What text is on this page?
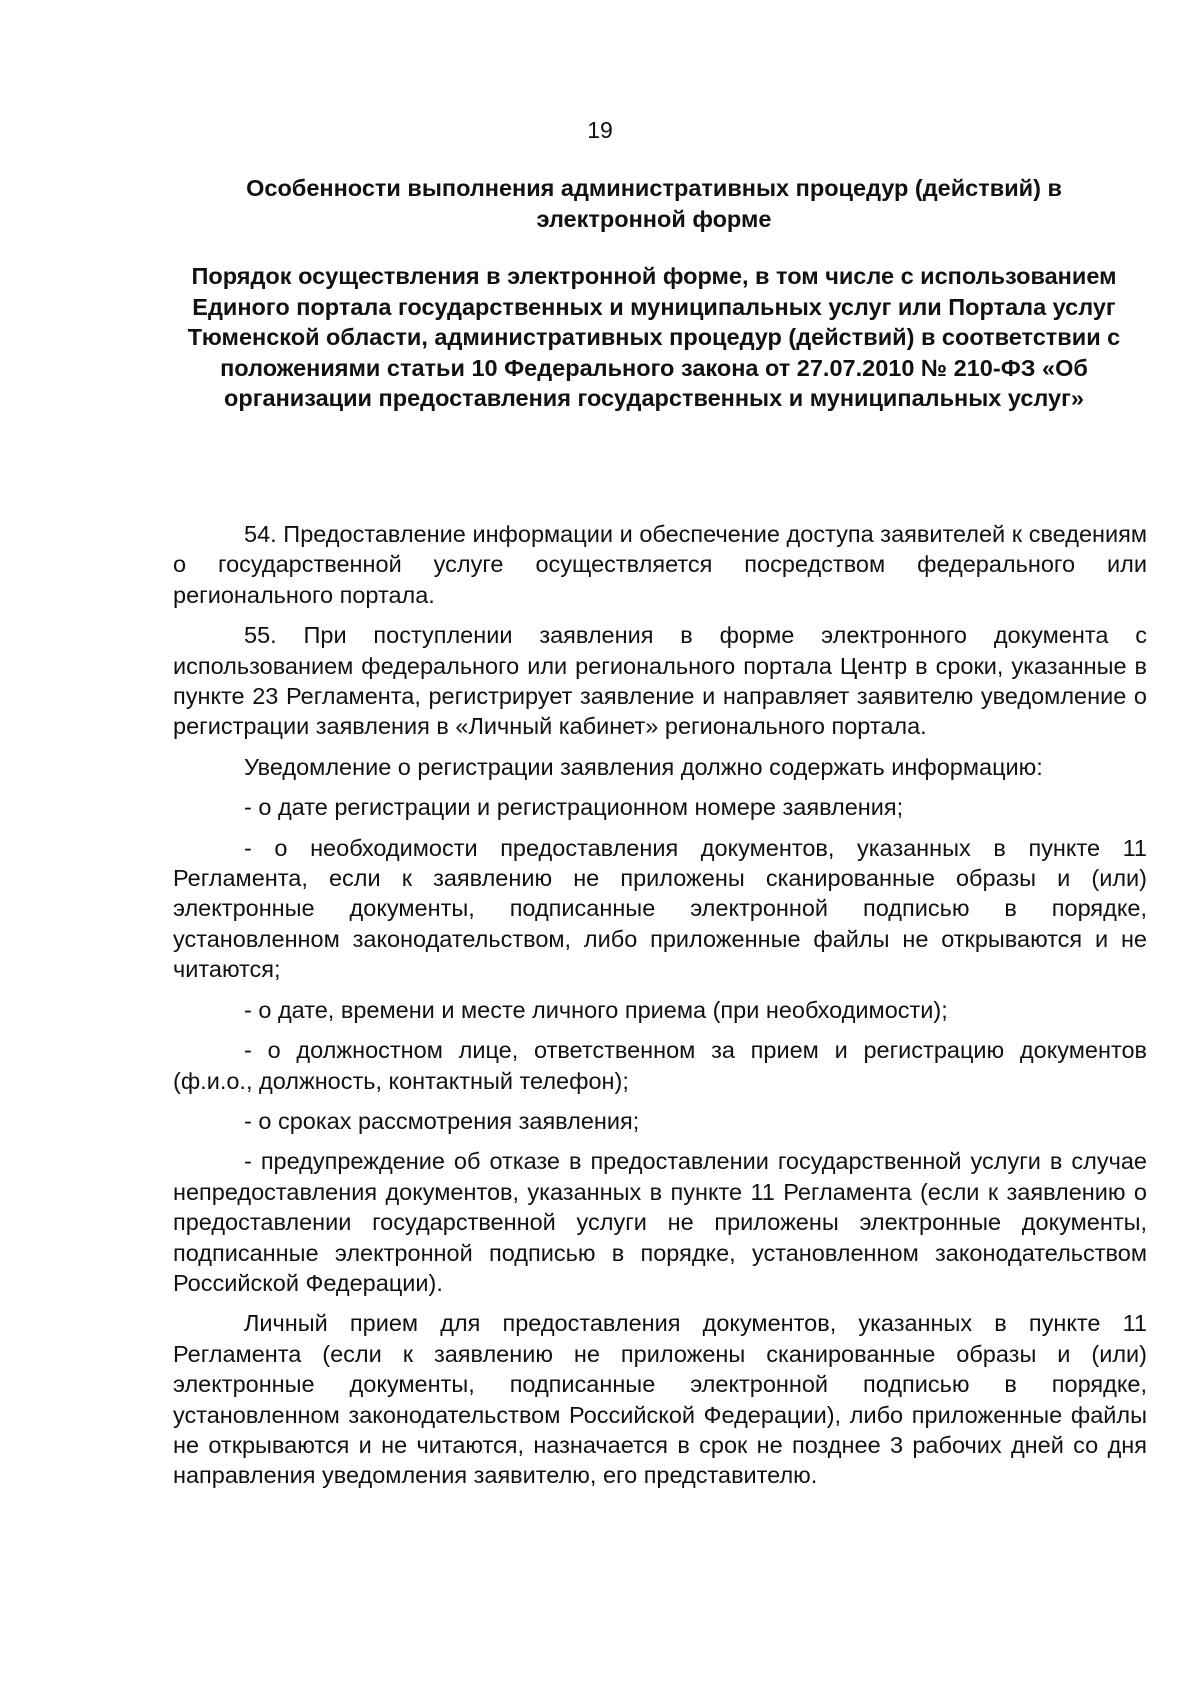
19
Особенности выполнения административных процедур (действий) в электронной форме
Порядок осуществления в электронной форме, в том числе с использованием Единого портала государственных и муниципальных услуг или Портала услуг Тюменской области, административных процедур (действий) в соответствии с положениями статьи 10 Федерального закона от 27.07.2010 № 210-ФЗ «Об организации предоставления государственных и муниципальных услуг»

54. Предоставление информации и обеспечение доступа заявителей к сведениям о государственной услуге осуществляется посредством федерального или регионального портала.

55. При поступлении заявления в форме электронного документа с использованием федерального или регионального портала Центр в сроки, указанные в пункте 23 Регламента, регистрирует заявление и направляет заявителю уведомление о регистрации заявления в «Личный кабинет» регионального портала.

Уведомление о регистрации заявления должно содержать информацию:

- о дате регистрации и регистрационном номере заявления;

- о необходимости предоставления документов, указанных в пункте 11 Регламента, если к заявлению не приложены сканированные образы и (или) электронные документы, подписанные электронной подписью в порядке, установленном законодательством, либо приложенные файлы не открываются и не читаются;

- о дате, времени и месте личного приема (при необходимости);

- о должностном лице, ответственном за прием и регистрацию документов (ф.и.о., должность, контактный телефон);

- о сроках рассмотрения заявления;

- предупреждение об отказе в предоставлении государственной услуги в случае непредоставления документов, указанных в пункте 11 Регламента (если к заявлению о предоставлении государственной услуги не приложены электронные документы, подписанные электронной подписью в порядке, установленном законодательством Российской Федерации).

Личный прием для предоставления документов, указанных в пункте 11 Регламента (если к заявлению не приложены сканированные образы и (или) электронные документы, подписанные электронной подписью в порядке, установленном законодательством Российской Федерации), либо приложенные файлы не открываются и не читаются, назначается в срок не позднее 3 рабочих дней со дня направления уведомления заявителю, его представителю.
